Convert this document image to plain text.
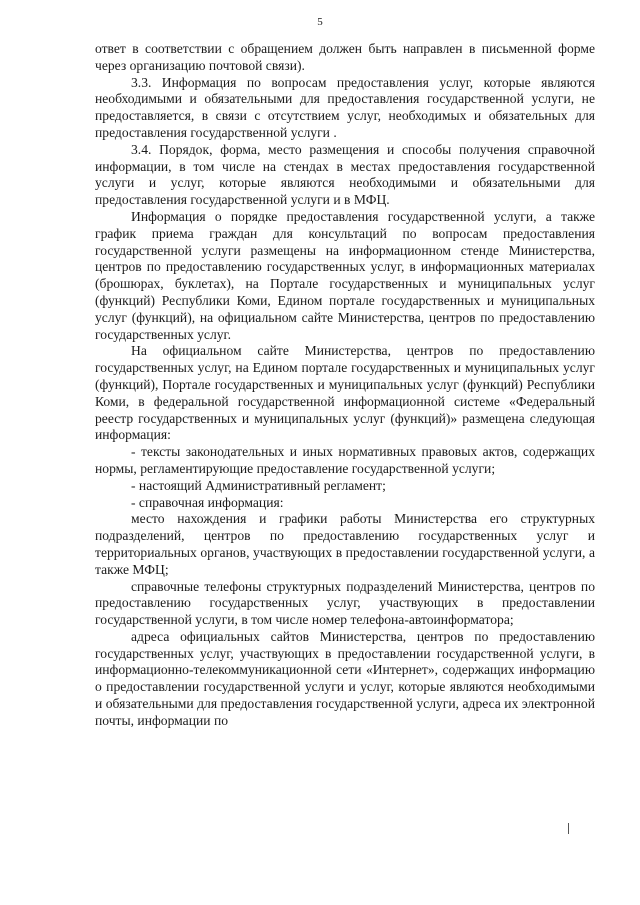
5

ответ в соответствии с обращением должен быть направлен в письменной форме через организацию почтовой связи).

3.3. Информация по вопросам предоставления услуг, которые являются необходимыми и обязательными для предоставления государственной услуги, не предоставляется, в связи с отсутствием услуг, необходимых и обязательных для предоставления государственной услуги .

3.4. Порядок, форма, место размещения и способы получения справочной информации, в том числе на стендах в местах предоставления государственной услуги и услуг, которые являются необходимыми и обязательными для предоставления государственной услуги и в МФЦ.

Информация о порядке предоставления государственной услуги, а также график приема граждан для консультаций по вопросам предоставления государственной услуги размещены на информационном стенде Министерства, центров по предоставлению государственных услуг, в информационных материалах (брошюрах, буклетах), на Портале государственных и муниципальных услуг (функций) Республики Коми, Едином портале государственных и муниципальных услуг (функций), на официальном сайте Министерства, центров по предоставлению государственных услуг.

На официальном сайте Министерства, центров по предоставлению государственных услуг, на Едином портале государственных и муниципальных услуг (функций), Портале государственных и муниципальных услуг (функций) Республики Коми, в федеральной государственной информационной системе «Федеральный реестр государственных и муниципальных услуг (функций)» размещена следующая информация:

- тексты законодательных и иных нормативных правовых актов, содержащих нормы, регламентирующие предоставление государственной услуги;

- настоящий Административный регламент;

- справочная информация:

место нахождения и графики работы Министерства его структурных подразделений, центров по предоставлению государственных услуг и территориальных органов, участвующих в предоставлении государственной услуги, а также МФЦ;

справочные телефоны структурных подразделений Министерства, центров по предоставлению государственных услуг, участвующих в предоставлении государственной услуги, в том числе номер телефона-автоинформатора;

адреса официальных сайтов Министерства, центров по предоставлению государственных услуг, участвующих в предоставлении государственной услуги, в информационно-телекоммуникационной сети «Интернет», содержащих информацию о предоставлении государственной услуги и услуг, которые являются необходимыми и обязательными для предоставления государственной услуги, адреса их электронной почты, информации по
